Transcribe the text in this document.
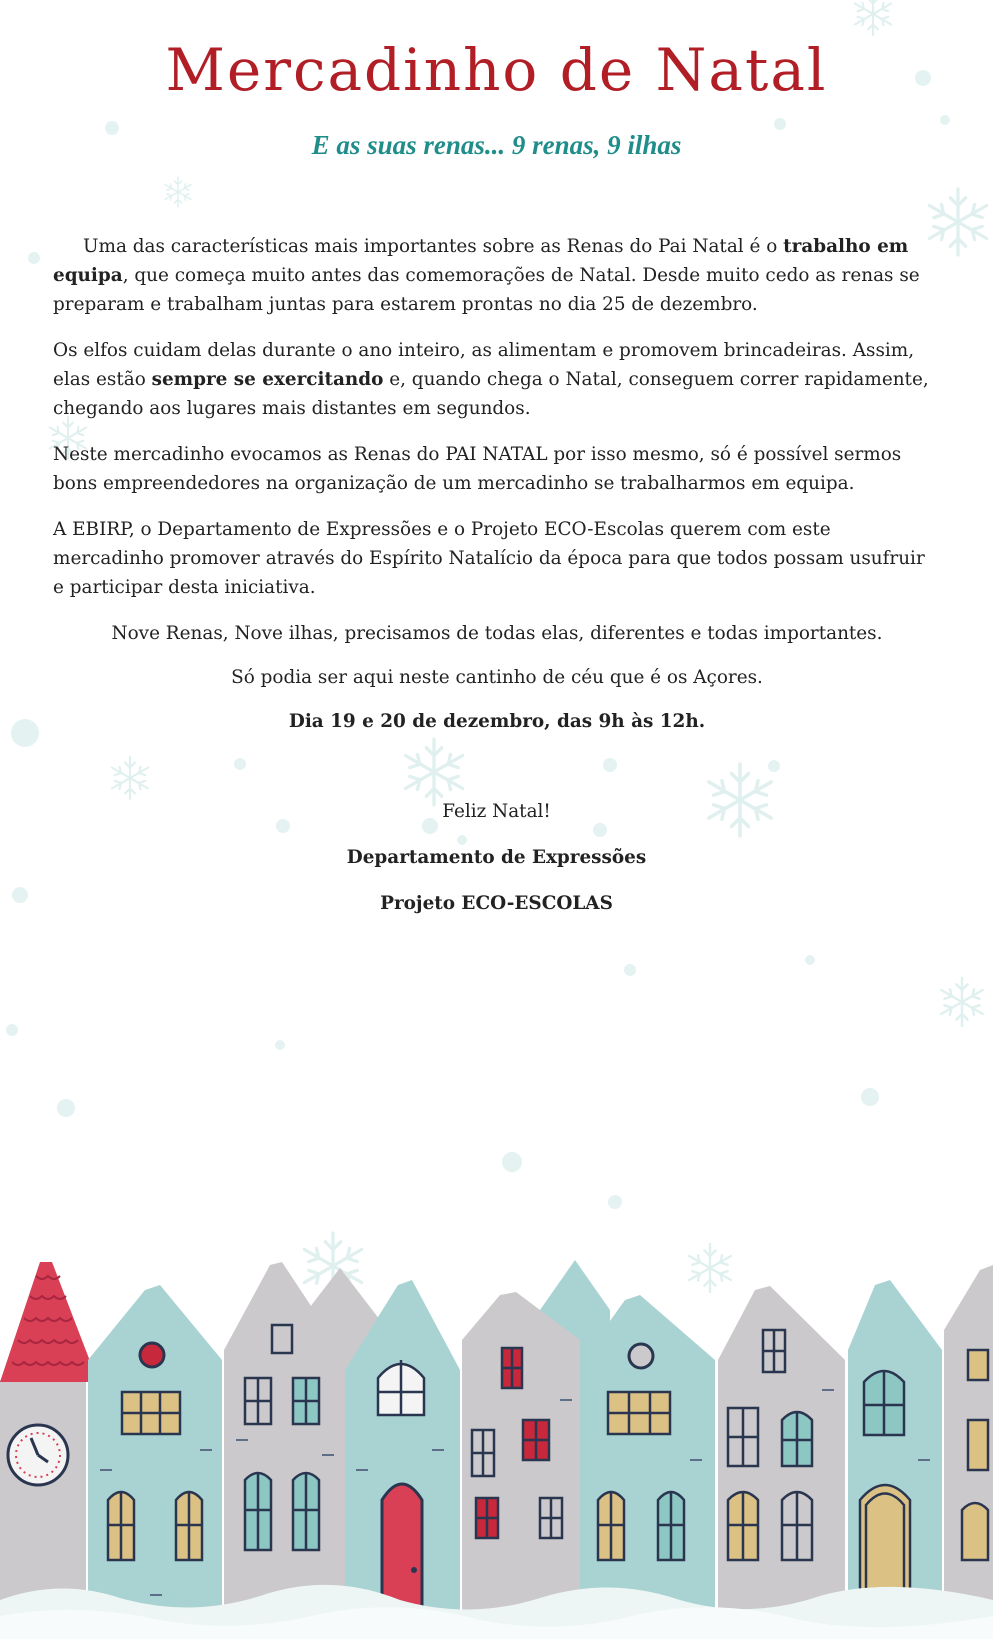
Mercadinho de Natal
E as suas renas... 9 renas, 9 ilhas

Uma das características mais importantes sobre as Renas do Pai Natal é o trabalho em equipa, que começa muito antes das comemorações de Natal. Desde muito cedo as renas se preparam e trabalham juntas para estarem prontas no dia 25 de dezembro.

Os elfos cuidam delas durante o ano inteiro, as alimentam e promovem brincadeiras. Assim, elas estão sempre se exercitando e, quando chega o Natal, conseguem correr rapidamente, chegando aos lugares mais distantes em segundos.

Neste mercadinho evocamos as Renas do PAI NATAL por isso mesmo, só é possível sermos bons empreendedores na organização de um mercadinho se trabalharmos em equipa.

A EBIRP, o Departamento de Expressões e o Projeto ECO-Escolas querem com este mercadinho promover através do Espírito Natalício da época para que todos possam usufruir e participar desta iniciativa.

Nove Renas, Nove ilhas, precisamos de todas elas, diferentes e todas importantes.

Só podia ser aqui neste cantinho de céu que é os Açores.

Dia 19 e 20 de dezembro, das 9h às 12h.

Feliz Natal!

Departamento de Expressões

Projeto ECO-ESCOLAS
